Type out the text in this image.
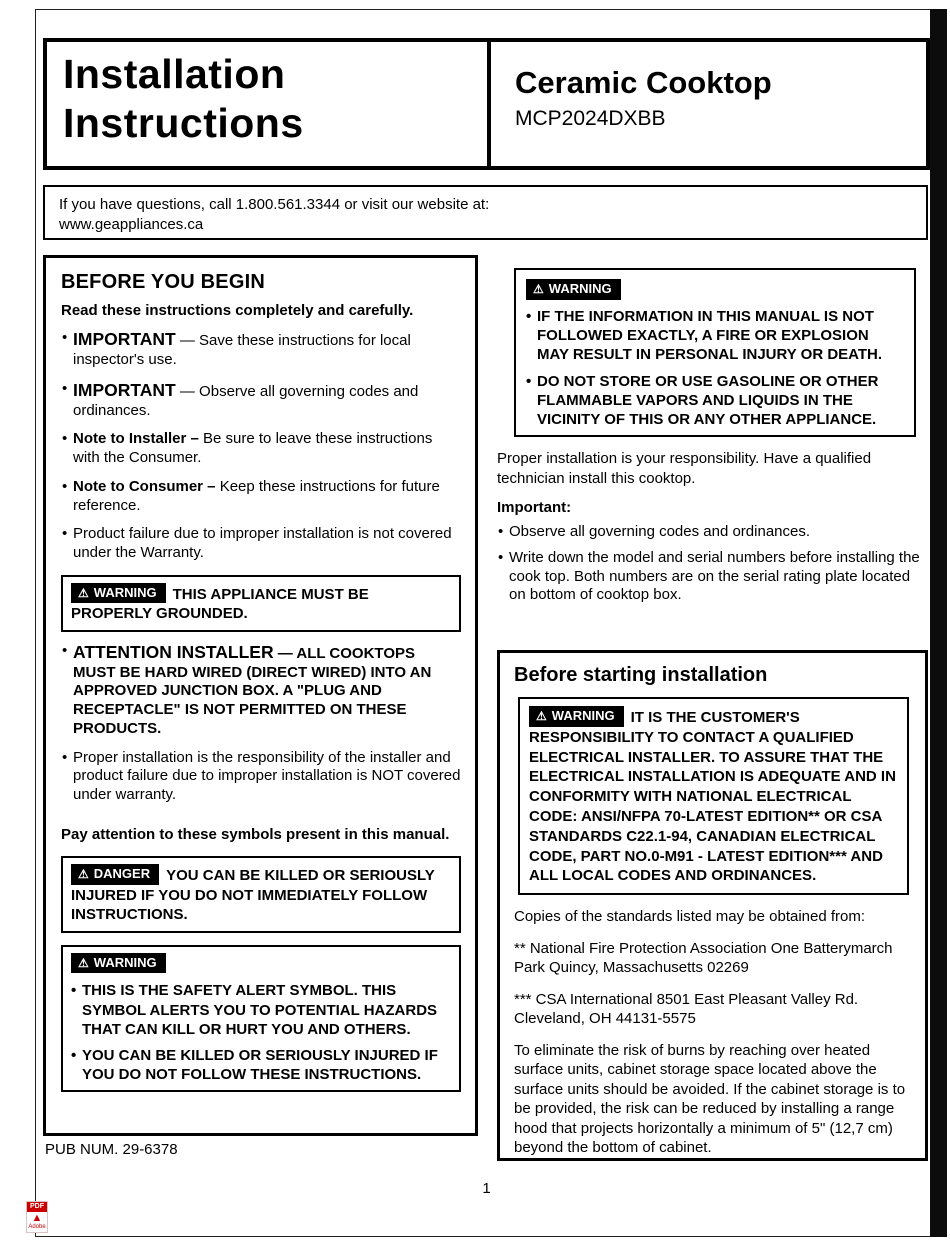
Installation
Instructions
Ceramic Cooktop
MCP2024DXBB
If you have questions, call 1.800.561.3344 or visit our website at:
www.geappliances.ca
BEFORE YOU BEGIN
Read these instructions completely and carefully.
• IMPORTANT — Save these instructions for local inspector's use.
• IMPORTANT — Observe all governing codes and ordinances.
• Note to Installer – Be sure to leave these instructions with the Consumer.
• Note to Consumer – Keep these instructions for future reference.
• Product failure due to improper installation is not covered under the Warranty.
⚠ WARNING THIS APPLIANCE MUST BE PROPERLY GROUNDED.
• ATTENTION INSTALLER — ALL COOKTOPS MUST BE HARD WIRED (DIRECT WIRED) INTO AN APPROVED JUNCTION BOX. A "PLUG AND RECEPTACLE" IS NOT PERMITTED ON THESE PRODUCTS.
• Proper installation is the responsibility of the installer and product failure due to improper installation is NOT covered under warranty.
Pay attention to these symbols present in this manual.
⚠ DANGER YOU CAN BE KILLED OR SERIOUSLY INJURED IF YOU DO NOT IMMEDIATELY FOLLOW INSTRUCTIONS.
⚠ WARNING
• THIS IS THE SAFETY ALERT SYMBOL. THIS SYMBOL ALERTS YOU TO POTENTIAL HAZARDS THAT CAN KILL OR HURT YOU AND OTHERS.
• YOU CAN BE KILLED OR SERIOUSLY INJURED IF YOU DO NOT FOLLOW THESE INSTRUCTIONS.
PUB NUM. 29-6378
⚠ WARNING
• IF THE INFORMATION IN THIS MANUAL IS NOT FOLLOWED EXACTLY, A FIRE OR EXPLOSION MAY RESULT IN PERSONAL INJURY OR DEATH.
• DO NOT STORE OR USE GASOLINE OR OTHER FLAMMABLE VAPORS AND LIQUIDS IN THE VICINITY OF THIS OR ANY OTHER APPLIANCE.
Proper installation is your responsibility. Have a qualified technician install this cooktop.
Important:
• Observe all governing codes and ordinances.
• Write down the model and serial numbers before installing the cook top. Both numbers are on the serial rating plate located on bottom of cooktop box.
Before starting installation
⚠ WARNING IT IS THE CUSTOMER'S RESPONSIBILITY TO CONTACT A QUALIFIED ELECTRICAL INSTALLER. TO ASSURE THAT THE ELECTRICAL INSTALLATION IS ADEQUATE AND IN CONFORMITY WITH NATIONAL ELECTRICAL CODE: ANSI/NFPA 70-LATEST EDITION** OR CSA STANDARDS C22.1-94, CANADIAN ELECTRICAL CODE, PART NO.0-M91 - LATEST EDITION*** AND ALL LOCAL CODES AND ORDINANCES.
Copies of the standards listed may be obtained from:
** National Fire Protection Association One Batterymarch Park Quincy, Massachusetts 02269
*** CSA International 8501 East Pleasant Valley Rd. Cleveland, OH 44131-5575
To eliminate the risk of burns by reaching over heated surface units, cabinet storage space located above the surface units should be avoided. If the cabinet storage is to be provided, the risk can be reduced by installing a range hood that projects horizontally a minimum of 5" (12,7 cm) beyond the bottom of cabinet.
1
PDF
▲
Adobe
